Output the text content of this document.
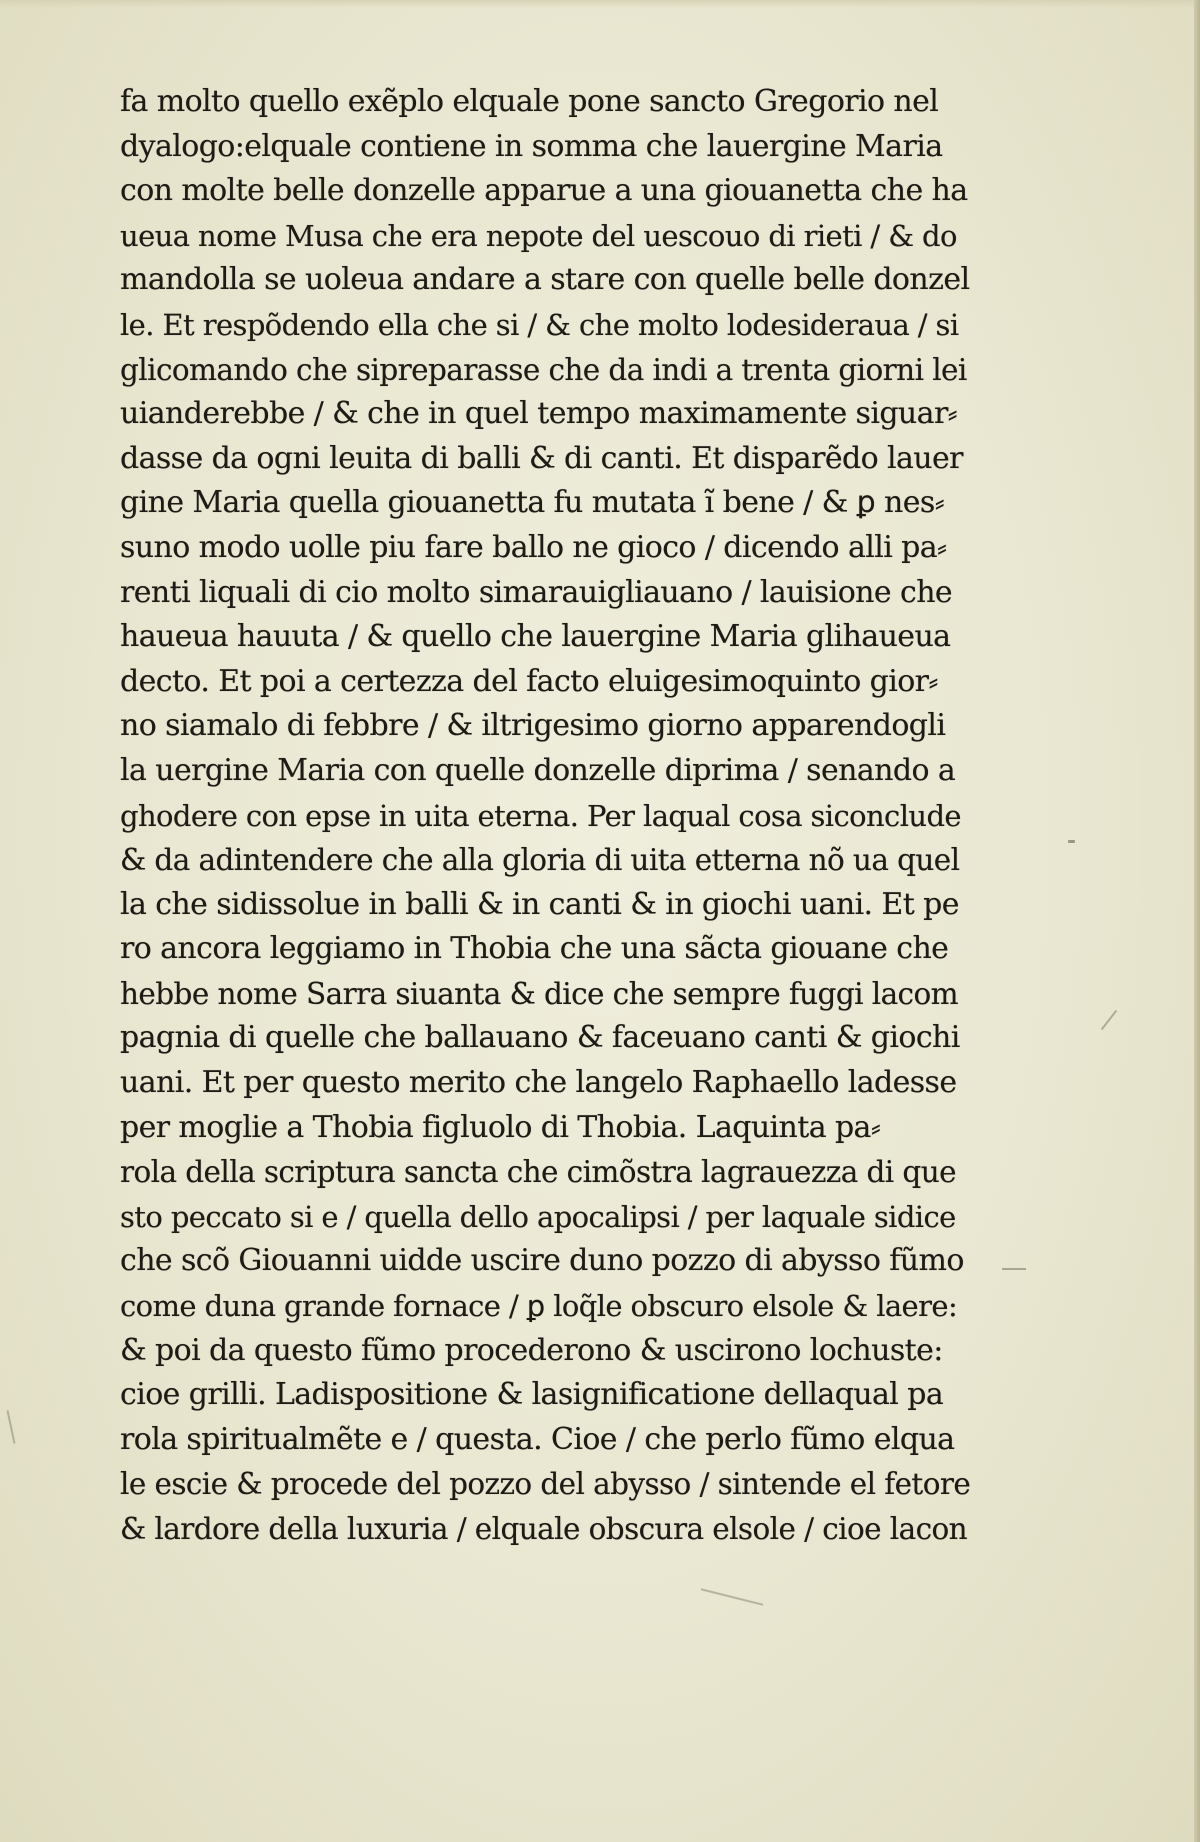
fa molto quello exẽplo elquale pone sancto Gregorio nel
dyalogo:elquale contiene in somma che lauergine Maria
con molte belle donzelle apparue a una giouanetta che ha
ueua nome Musa che era nepote del uescouo di rieti / & do
mandolla se uoleua andare a stare con quelle belle donzel
le. Et respõdendo ella che si / & che molto lodesideraua / si
glicomando che sipreparasse che da indi a trenta giorni lei
uianderebbe / & che in quel tempo maximamente siguar⸗
dasse da ogni leuita di balli & di canti. Et disparẽdo lauer
gine Maria quella giouanetta fu mutata ĩ bene / & ꝑ nes⸗
suno modo uolle piu fare ballo ne gioco / dicendo alli pa⸗
renti liquali di cio molto simarauigliauano / lauisione che
haueua hauuta / & quello che lauergine Maria glihaueua
decto. Et poi a certezza del facto eluigesimoquinto gior⸗
no siamalo di febbre / & iltrigesimo giorno apparendogli
la uergine Maria con quelle donzelle diprima / senando a
ghodere con epse in uita eterna. Per laqual cosa siconclude
& da adintendere che alla gloria di uita etterna nõ ua quel
la che sidissolue in balli & in canti & in giochi uani. Et pe
ro ancora leggiamo in Thobia che una sãcta giouane che
hebbe nome Sarra siuanta & dice che sempre fuggi lacom
pagnia di quelle che ballauano & faceuano canti & giochi
uani. Et per questo merito che langelo Raphaello ladesse
per moglie a Thobia figluolo di Thobia. Laquinta pa⸗
rola della scriptura sancta che cimõstra lagrauezza di que
sto peccato si e / quella dello apocalipsi / per laquale sidice
che scõ Giouanni uidde uscire duno pozzo di abysso fũmo
come duna grande fornace / ꝑ loq̃le obscuro elsole & laere:
& poi da questo fũmo procederono & uscirono lochuste:
cioe grilli. Ladispositione & lasignificatione dellaqual pa
rola spiritualmẽte e / questa. Cioe / che perlo fũmo elqua
le escie & procede del pozzo del abysso / sintende el fetore
& lardore della luxuria / elquale obscura elsole / cioe lacon
